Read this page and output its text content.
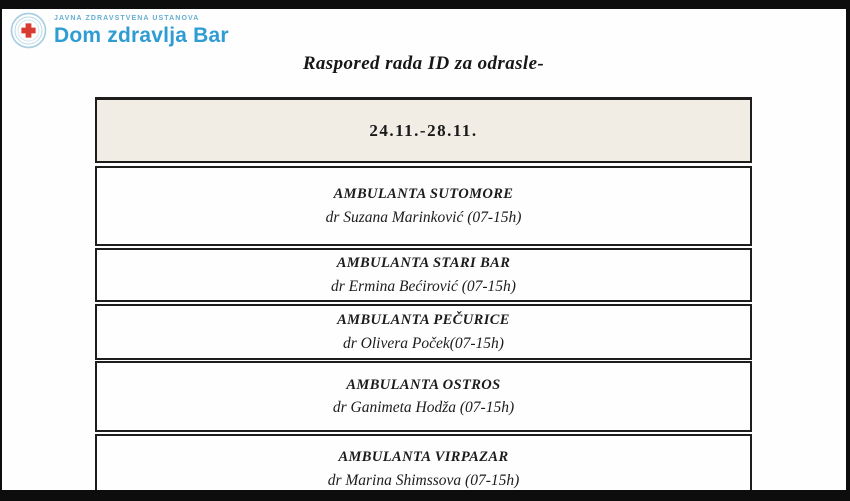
JAVNA ZDRAVSTVENA USTANOVA
Dom zdravlja Bar
Raspored rada ID za odrasle-
24.11.-28.11.
AMBULANTA SUTOMORE
dr Suzana Marinković (07-15h)
AMBULANTA STARI BAR
dr Ermina Bećirović (07-15h)
AMBULANTA PEČURICE
dr Olivera Poček(07-15h)
AMBULANTA OSTROS
dr Ganimeta Hodža (07-15h)
AMBULANTA VIRPAZAR
dr Marina Shimssova (07-15h)
